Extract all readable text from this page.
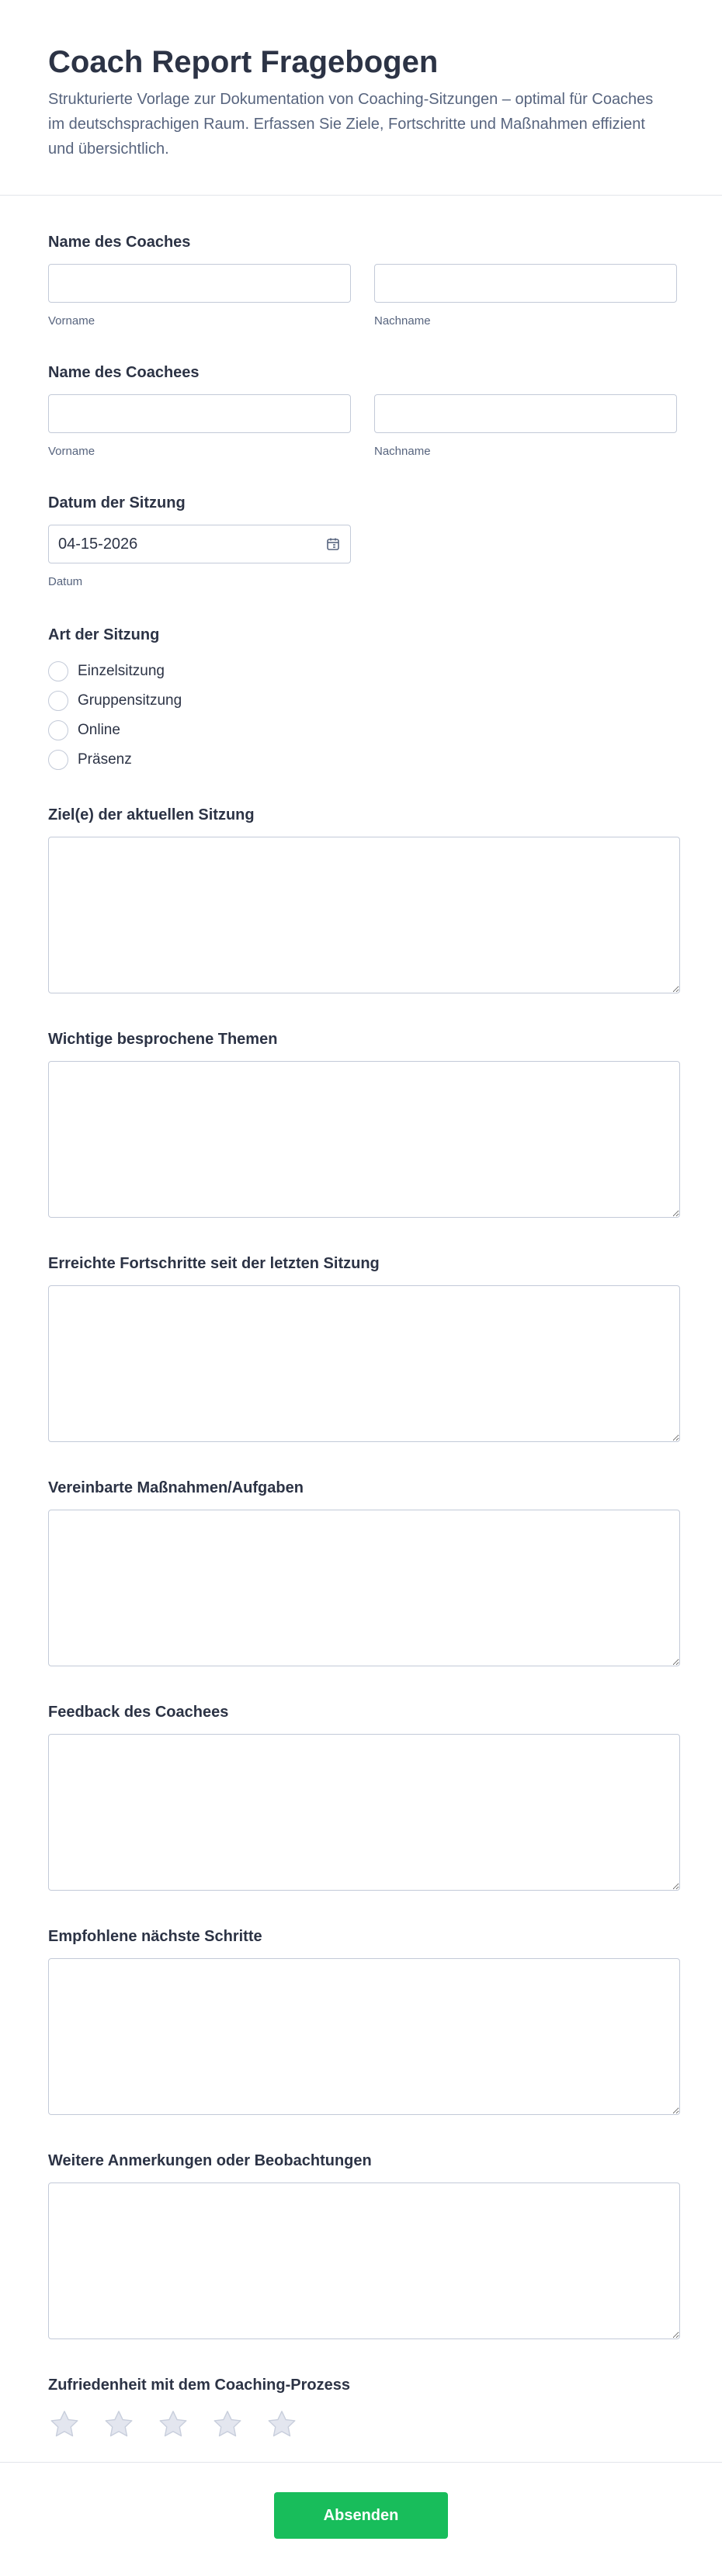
Coach Report Fragebogen

Strukturierte Vorlage zur Dokumentation von Coaching-Sitzungen – optimal für Coaches im deutschsprachigen Raum. Erfassen Sie Ziele, Fortschritte und Maßnahmen effizient und übersichtlich.

Name des Coaches
Vorname	Nachname
Name des Coachees
Vorname	Nachname
Datum der Sitzung
04-15-2026
Datum
Art der Sitzung
Einzelsitzung
Gruppensitzung
Online
Präsenz
Ziel(e) der aktuellen Sitzung
Wichtige besprochene Themen
Erreichte Fortschritte seit der letzten Sitzung
Vereinbarte Maßnahmen/Aufgaben
Feedback des Coachees
Empfohlene nächste Schritte
Weitere Anmerkungen oder Beobachtungen
Zufriedenheit mit dem Coaching-Prozess
Absenden
